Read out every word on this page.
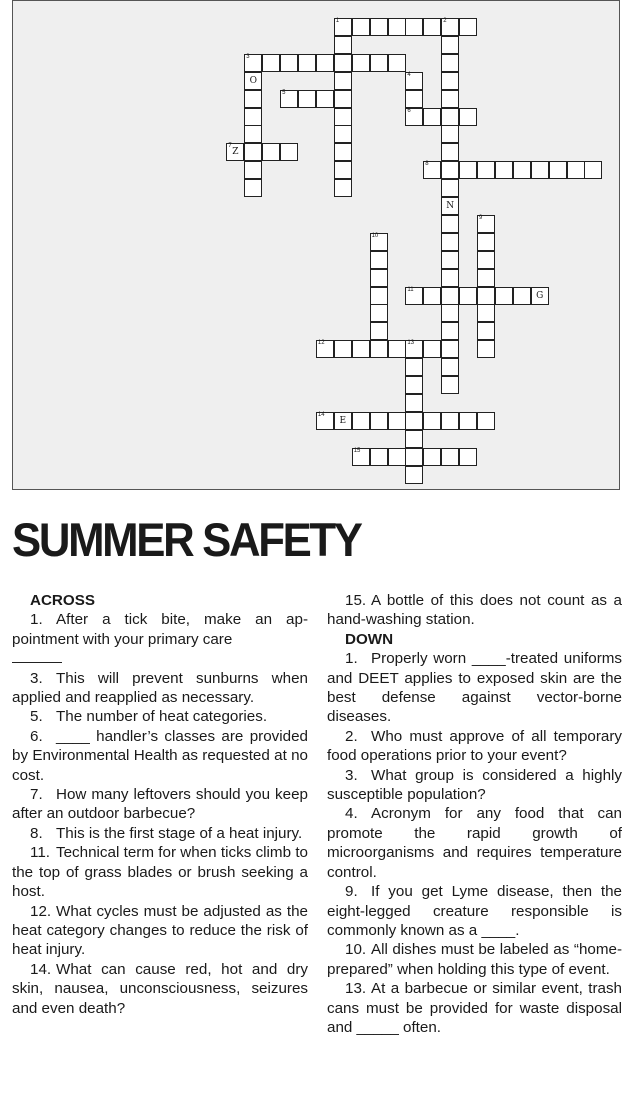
1	2
3
O
4
5
6
7
Z
8
N
9
10
11
G
12	13
14
E
15
SUMMER SAFETY
ACROSS
1. After a tick bite, make an appointment with your primary care

3. This will prevent sunburns when applied and reapplied as necessary.
5. The number of heat categories.
6. ____ handler’s classes are provided by Environmental Health as requested at no cost.
7. How many leftovers should you keep after an outdoor barbecue?
8. This is the first stage of a heat injury.
11. Technical term for when ticks climb to the top of grass blades or brush seeking a host.
12. What cycles must be adjusted as the heat category changes to reduce the risk of heat injury.
14. What can cause red, hot and dry skin, nausea, unconsciousness, seizures and even death?
15. A bottle of this does not count as a hand-washing station.
DOWN
1. Properly worn ____-treated uniforms and DEET applies to exposed skin are the best defense against vector-borne diseases.
2. Who must approve of all temporary food operations prior to your event?
3. What group is considered a highly susceptible population?
4. Acronym for any food that can promote the rapid growth of microorganisms and requires temperature control.
9. If you get Lyme disease, then the eight-legged creature responsible is commonly known as a ____.
10. All dishes must be labeled as “home-prepared” when holding this type of event.
13. At a barbecue or similar event, trash cans must be provided for waste disposal and _____ often.
